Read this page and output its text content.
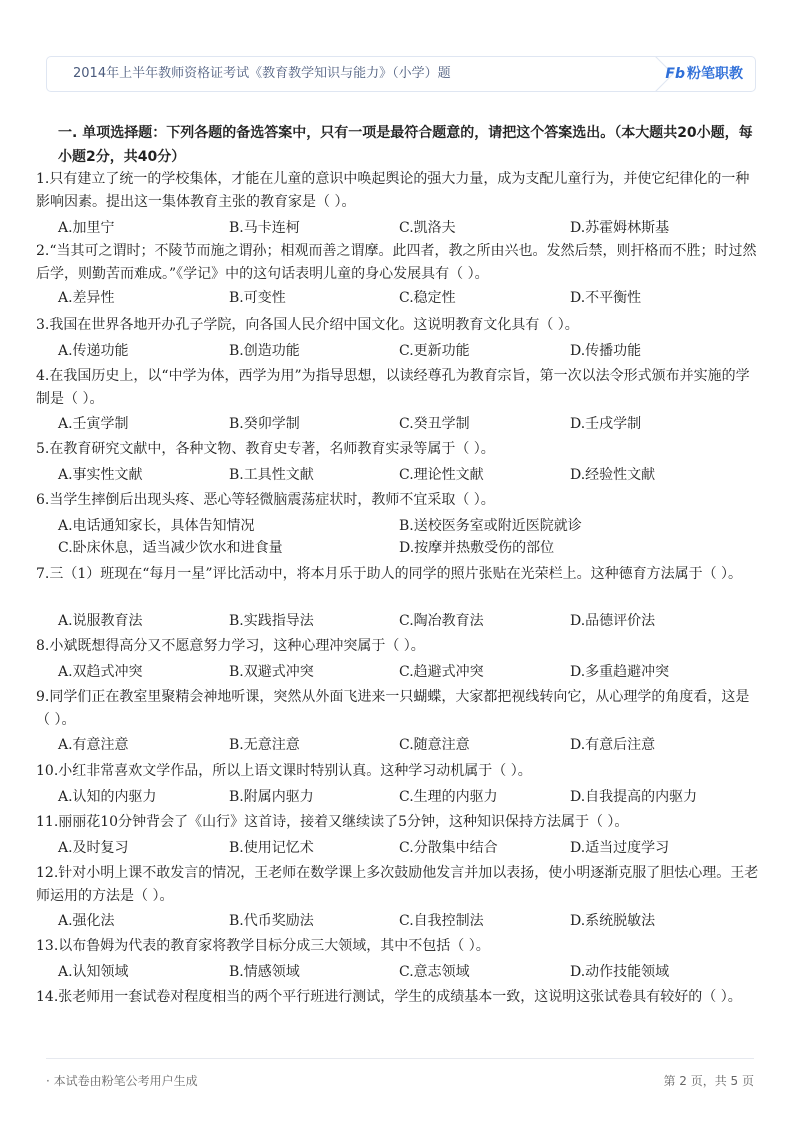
2014年上半年教师资格证考试《教育教学知识与能力》（小学）题	Fb 粉笔职教
一. 单项选择题：下列各题的备选答案中，只有一项是最符合题意的，请把这个答案选出。（本大题共20小题，每小题2分，共40分）

1.只有建立了统一的学校集体，才能在儿童的意识中唤起舆论的强大力量，成为支配儿童行为，并使它纪律化的一种影响因素。提出这一集体教育主张的教育家是（ ）。

A.加里宁	B.马卡连柯	C.凯洛夫	D.苏霍姆林斯基

2.“当其可之谓时；不陵节而施之谓孙；相观而善之谓摩。此四者，教之所由兴也。发然后禁，则扞格而不胜；时过然后学，则勤苦而难成。”《学记》中的这句话表明儿童的身心发展具有（ ）。

A.差异性	B.可变性	C.稳定性	D.不平衡性

3.我国在世界各地开办孔子学院，向各国人民介绍中国文化。这说明教育文化具有（ ）。

A.传递功能	B.创造功能	C.更新功能	D.传播功能

4.在我国历史上，以“中学为体，西学为用”为指导思想，以读经尊孔为教育宗旨，第一次以法令形式颁布并实施的学制是（ ）。

A.壬寅学制	B.癸卯学制	C.癸丑学制	D.壬戌学制

5.在教育研究文献中，各种文物、教育史专著，名师教育实录等属于（ ）。

A.事实性文献	B.工具性文献	C.理论性文献	D.经验性文献

6.当学生摔倒后出现头疼、恶心等轻微脑震荡症状时，教师不宜采取（ ）。

A.电话通知家长，具体告知情况	B.送校医务室或附近医院就诊
C.卧床休息，适当减少饮水和进食量	D.按摩并热敷受伤的部位

7.三（1）班现在“每月一星”评比活动中，将本月乐于助人的同学的照片张贴在光荣栏上。这种德育方法属于（ ）。

A.说服教育法	B.实践指导法	C.陶冶教育法	D.品德评价法

8.小斌既想得高分又不愿意努力学习，这种心理冲突属于（ ）。

A.双趋式冲突	B.双避式冲突	C.趋避式冲突	D.多重趋避冲突

9.同学们正在教室里聚精会神地听课，突然从外面飞进来一只蝴蝶，大家都把视线转向它，从心理学的角度看，这是（ ）。

A.有意注意	B.无意注意	C.随意注意	D.有意后注意

10.小红非常喜欢文学作品，所以上语文课时特别认真。这种学习动机属于（ ）。

A.认知的内驱力	B.附属内驱力	C.生理的内驱力	D.自我提高的内驱力

11.丽丽花10分钟背会了《山行》这首诗，接着又继续读了5分钟，这种知识保持方法属于（ ）。

A.及时复习	B.使用记忆术	C.分散集中结合	D.适当过度学习

12.针对小明上课不敢发言的情况，王老师在数学课上多次鼓励他发言并加以表扬，使小明逐渐克服了胆怯心理。王老师运用的方法是（ ）。

A.强化法	B.代币奖励法	C.自我控制法	D.系统脱敏法

13.以布鲁姆为代表的教育家将教学目标分成三大领域，其中不包括（ ）。

A.认知领域	B.情感领域	C.意志领域	D.动作技能领域

14.张老师用一套试卷对程度相当的两个平行班进行测试，学生的成绩基本一致，这说明这张试卷具有较好的（ ）。

· 本试卷由粉笔公考用户生成	第 2 页，共 5 页
